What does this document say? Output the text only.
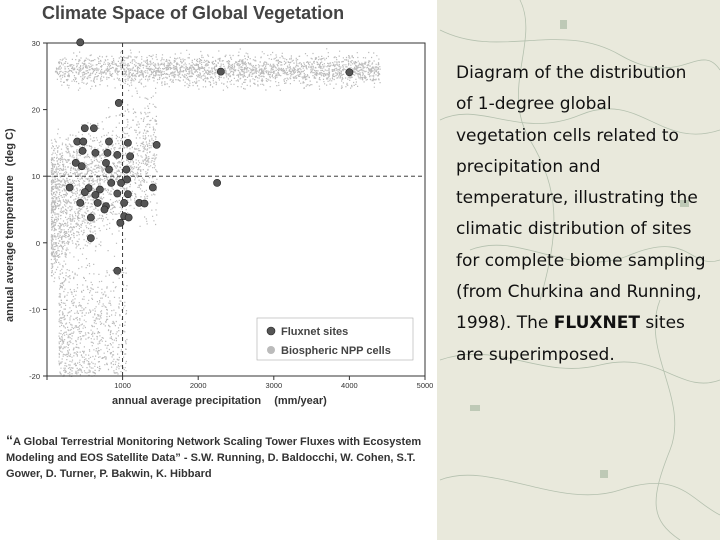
Climate Space of Global Vegetation
1000	2000	3000	4000	5000
-20
-10
0
10
20
30
Fluxnet sites
Biospheric NPP cells
annual average precipitation (mm/year)
annual average temperature (deg C)
“A Global Terrestrial Monitoring Network Scaling Tower Fluxes with Ecosystem Modeling and EOS Satellite Data” - S.W. Running, D. Baldocchi, W. Cohen, S.T. Gower, D. Turner, P. Bakwin, K. Hibbard
Diagram of the distribution of 1-degree global vegetation cells related to precipitation and temperature, illustrating the climatic distribution of sites for complete biome sampling (from Churkina and Running, 1998). The FLUXNET sites are superimposed.
